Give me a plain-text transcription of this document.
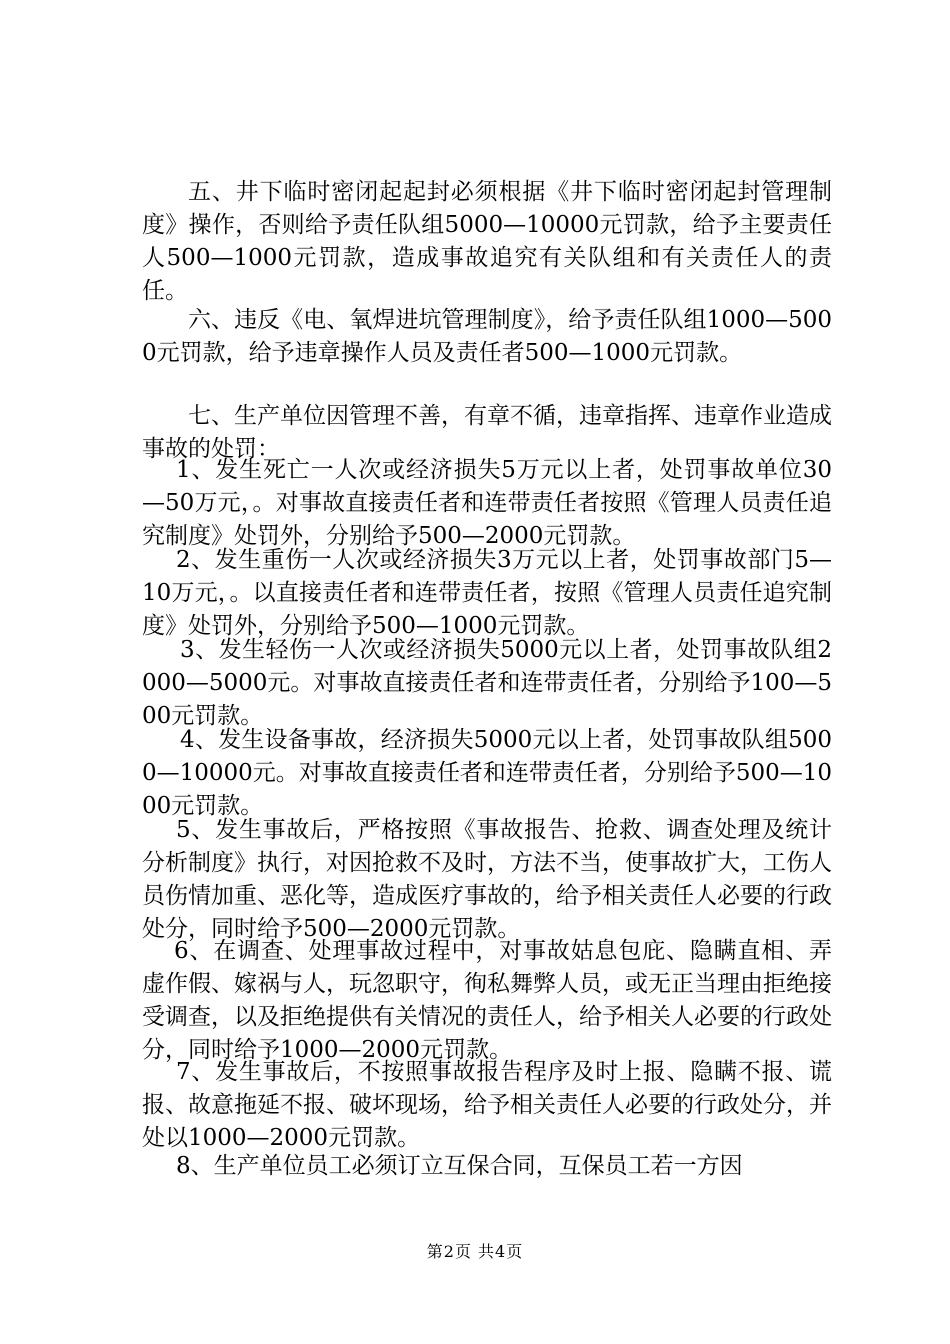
五、井下临时密闭起起封必须根据《井下临时密闭起封管理制度》操作，否则给予责任队组5000—10000元罚款，给予主要责任人500—1000元罚款，造成事故追究有关队组和有关责任人的责任。

六、违反《电、氧焊进坑管理制度》，给予责任队组1000—5000元罚款，给予违章操作人员及责任者500—1000元罚款。

七、生产单位因管理不善，有章不循，违章指挥、违章作业造成事故的处罚：

1、发生死亡一人次或经济损失5万元以上者，处罚事故单位30—50万元，。对事故直接责任者和连带责任者按照《管理人员责任追究制度》处罚外，分别给予500—2000元罚款。

2、发生重伤一人次或经济损失3万元以上者，处罚事故部门5—10万元，。以直接责任者和连带责任者，按照《管理人员责任追究制度》处罚外，分别给予500—1000元罚款。

3、发生轻伤一人次或经济损失5000元以上者，处罚事故队组2000—5000元。对事故直接责任者和连带责任者，分别给予100—500元罚款。

4、发生设备事故，经济损失5000元以上者，处罚事故队组5000—10000元。对事故直接责任者和连带责任者，分别给予500—1000元罚款。

5、发生事故后，严格按照《事故报告、抢救、调查处理及统计分析制度》执行，对因抢救不及时，方法不当，使事故扩大，工伤人员伤情加重、恶化等，造成医疗事故的，给予相关责任人必要的行政处分，同时给予500—2000元罚款。

6、在调查、处理事故过程中，对事故姑息包庇、隐瞒直相、弄虚作假、嫁祸与人，玩忽职守，徇私舞弊人员，或无正当理由拒绝接受调查，以及拒绝提供有关情况的责任人，给予相关人必要的行政处分，同时给予1000—2000元罚款。

7、发生事故后，不按照事故报告程序及时上报、隐瞒不报、谎报、故意拖延不报、破坏现场，给予相关责任人必要的行政处分，并处以1000—2000元罚款。

8、生产单位员工必须订立互保合同，互保员工若一方因

第2页 共4页
